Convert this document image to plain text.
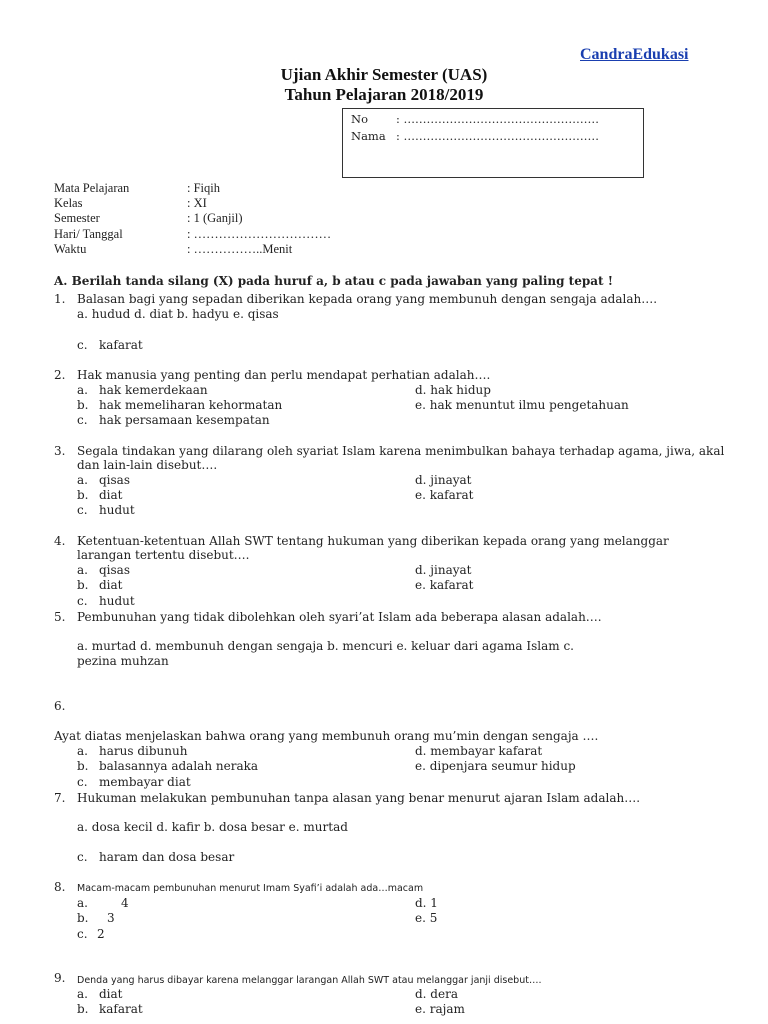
CandraEdukasi
Ujian Akhir Semester (UAS)
Tahun Pelajaran 2018/2019
No : ……………………………………………
Nama : ……………………………………………
Mata Pelajaran	: Fiqih
Kelas	: XI
Semester	: 1 (Ganjil)
Hari/ Tanggal	: ……………………………
Waktu	: ……………..Menit
A. Berilah tanda silang (X) pada huruf a, b atau c pada jawaban yang paling tepat !
1. Balasan bagi yang sepadan diberikan kepada orang yang membunuh dengan sengaja adalah….
a. hudud d. diat b. hadyu e. qisas
c. kafarat
2. Hak manusia yang penting dan perlu mendapat perhatian adalah….
a. hak kemerdekaan	d. hak hidup
b. hak memeliharan kehormatan	e. hak menuntut ilmu pengetahuan
c. hak persamaan kesempatan
3. Segala tindakan yang dilarang oleh syariat Islam karena menimbulkan bahaya terhadap agama, jiwa, akal
dan lain-lain disebut….
a. qisas	d. jinayat
b. diat	e. kafarat
c. hudut
4. Ketentuan-ketentuan Allah SWT tentang hukuman yang diberikan kepada orang yang melanggar
larangan tertentu disebut….
a. qisas	d. jinayat
b. diat	e. kafarat
c. hudut
5. Pembunuhan yang tidak dibolehkan oleh syari’at Islam ada beberapa alasan adalah….
a. murtad d. membunuh dengan sengaja b. mencuri e. keluar dari agama Islam c.
pezina muhzan
6.
Ayat diatas menjelaskan bahwa orang yang membunuh orang mu’min dengan sengaja ….
a. harus dibunuh	d. membayar kafarat
b. balasannya adalah neraka	e. dipenjara seumur hidup
c. membayar diat
7. Hukuman melakukan pembunuhan tanpa alasan yang benar menurut ajaran Islam adalah….
a. dosa kecil d. kafir b. dosa besar e. murtad
c. haram dan dosa besar
8. Macam-macam pembunuhan menurut Imam Syafi’i adalah ada…macam
a.	4	d. 1
b. 3	e. 5
c. 2
9. Denda yang harus dibayar karena melanggar larangan Allah SWT atau melanggar janji disebut….
a. diat	d. dera
b. kafarat	e. rajam
